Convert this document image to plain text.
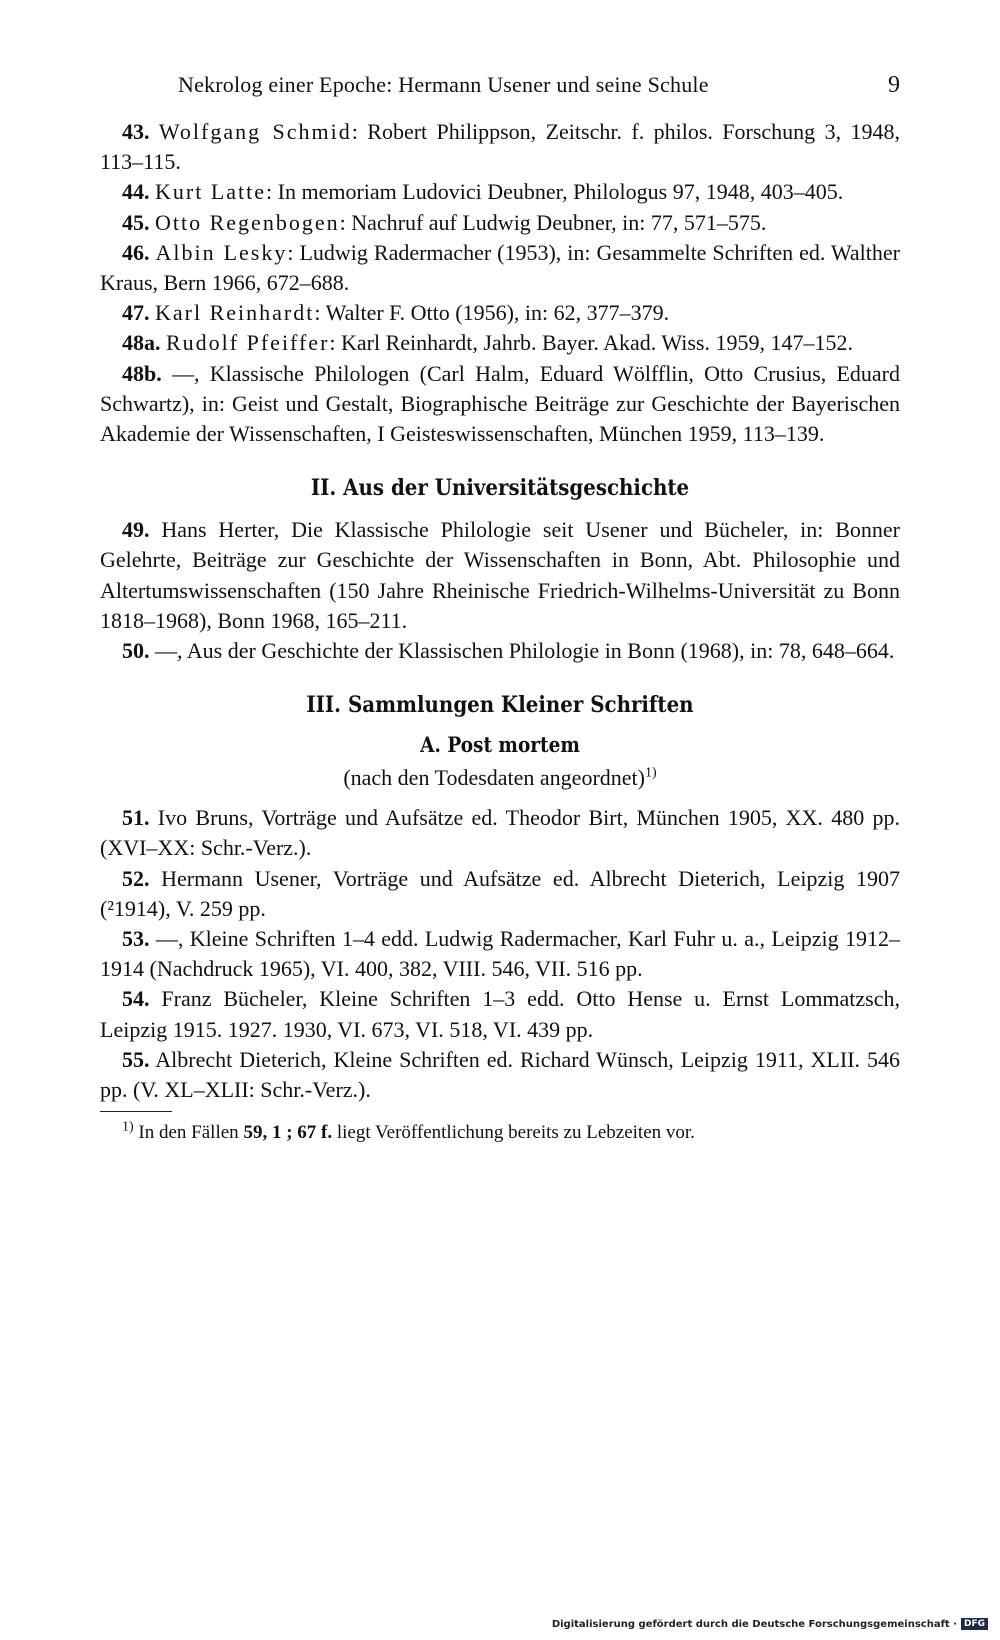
Nekrolog einer Epoche: Hermann Usener und seine Schule	9

43. Wolfgang Schmid: Robert Philippson, Zeitschr. f. philos. Forschung 3, 1948, 113–115.

44. Kurt Latte: In memoriam Ludovici Deubner, Philologus 97, 1948, 403–405.

45. Otto Regenbogen: Nachruf auf Ludwig Deubner, in: 77, 571–575.

46. Albin Lesky: Ludwig Radermacher (1953), in: Gesammelte Schriften ed. Walther Kraus, Bern 1966, 672–688.

47. Karl Reinhardt: Walter F. Otto (1956), in: 62, 377–379.

48a. Rudolf Pfeiffer: Karl Reinhardt, Jahrb. Bayer. Akad. Wiss. 1959, 147–152.

48b. —, Klassische Philologen (Carl Halm, Eduard Wölfflin, Otto Crusius, Eduard Schwartz), in: Geist und Gestalt, Biographische Beiträge zur Geschichte der Bayerischen Akademie der Wissenschaften, I Geisteswissenschaften, München 1959, 113–139.

II. Aus der Universitätsgeschichte

49. Hans Herter, Die Klassische Philologie seit Usener und Bücheler, in: Bonner Gelehrte, Beiträge zur Geschichte der Wissenschaften in Bonn, Abt. Philosophie und Altertumswissenschaften (150 Jahre Rheinische Friedrich-Wilhelms-Universität zu Bonn 1818–1968), Bonn 1968, 165–211.

50. —, Aus der Geschichte der Klassischen Philologie in Bonn (1968), in: 78, 648–664.

III. Sammlungen Kleiner Schriften
A. Post mortem

(nach den Todesdaten angeordnet)$^{1)}$

51. Ivo Bruns, Vorträge und Aufsätze ed. Theodor Birt, München 1905, XX. 480 pp. (XVI–XX: Schr.-Verz.).

52. Hermann Usener, Vorträge und Aufsätze ed. Albrecht Dieterich, Leipzig 1907 (²1914), V. 259 pp.

53. —, Kleine Schriften 1–4 edd. Ludwig Radermacher, Karl Fuhr u. a., Leipzig 1912–1914 (Nachdruck 1965), VI. 400, 382, VIII. 546, VII. 516 pp.

54. Franz Bücheler, Kleine Schriften 1–3 edd. Otto Hense u. Ernst Lommatzsch, Leipzig 1915. 1927. 1930, VI. 673, VI. 518, VI. 439 pp.

55. Albrecht Dieterich, Kleine Schriften ed. Richard Wünsch, Leipzig 1911, XLII. 546 pp. (V. XL–XLII: Schr.-Verz.).

$^{1)}$ In den Fällen 59, 1 ; 67 f. liegt Veröffentlichung bereits zu Lebzeiten vor.

Digitalisierung gefördert durch die Deutsche Forschungsgemeinschaft · DFG
